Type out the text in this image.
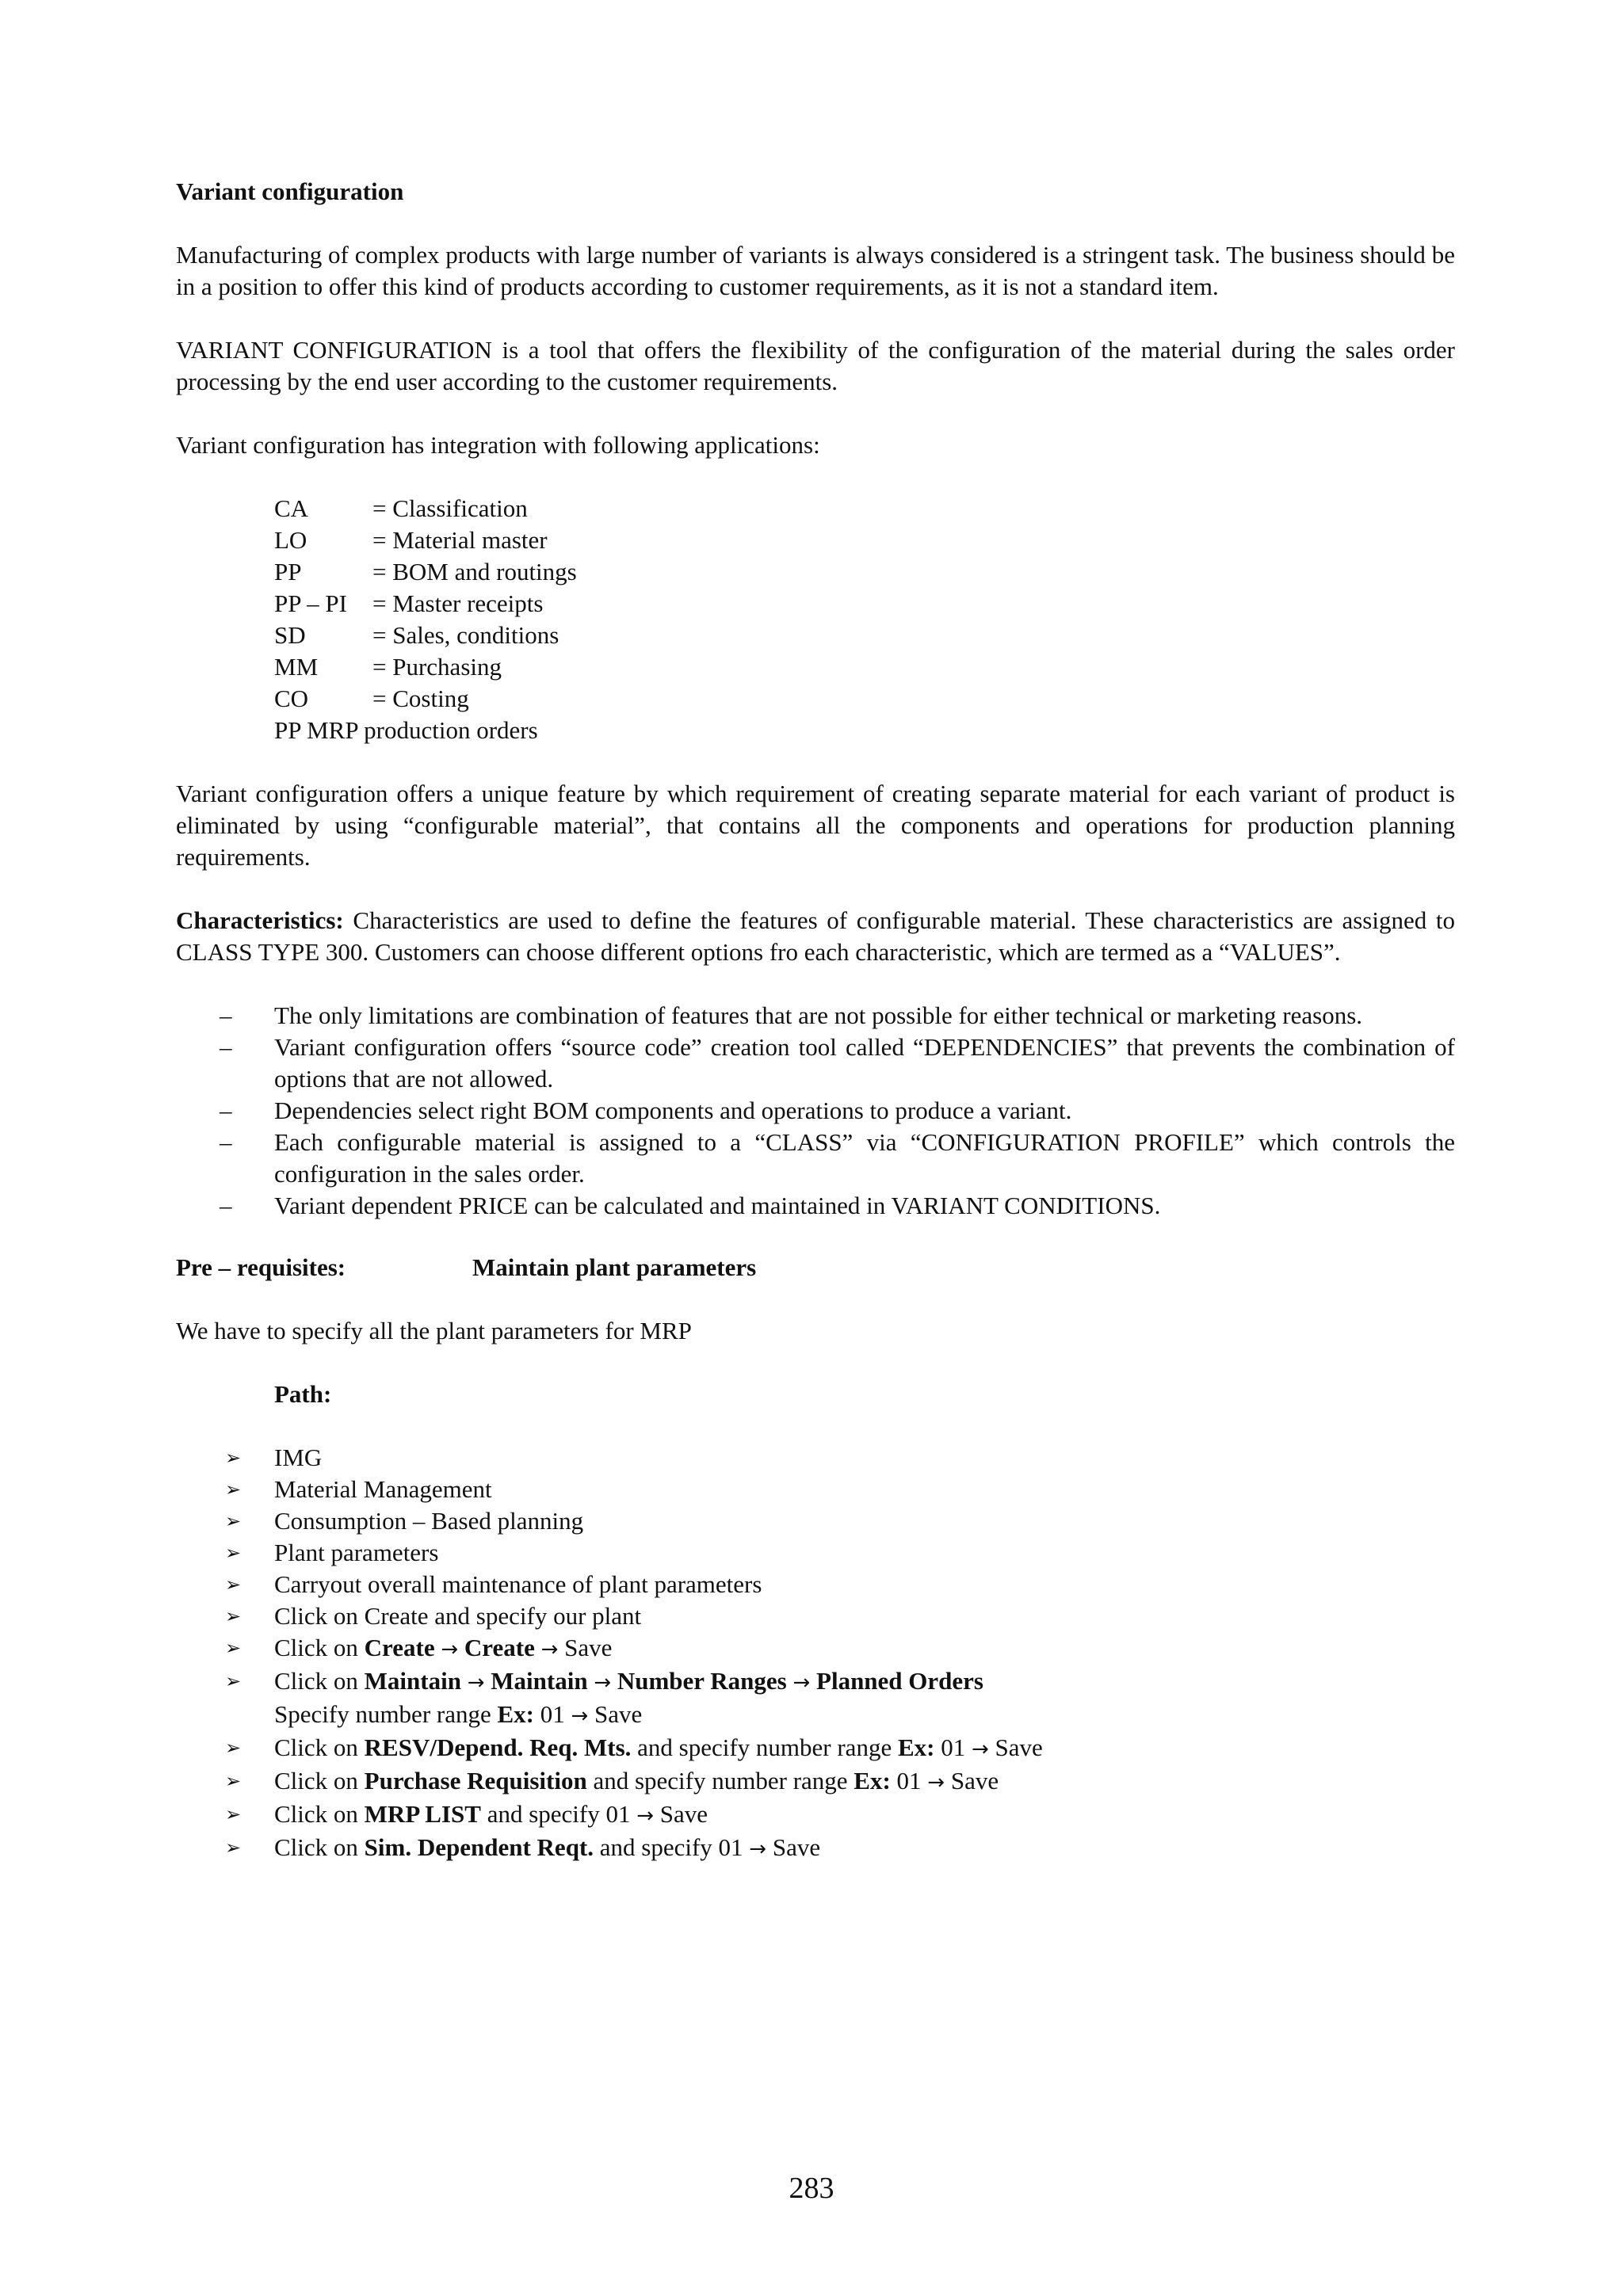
Variant configuration
Manufacturing of complex products with large number of variants is always considered is a stringent task. The business should be in a position to offer this kind of products according to customer requirements, as it is not a standard item.
VARIANT CONFIGURATION is a tool that offers the flexibility of the configuration of the material during the sales order processing by the end user according to the customer requirements.
Variant configuration has integration with following applications:
CA	= Classification
LO	= Material master
PP	= BOM and routings
PP – PI	= Master receipts
SD	= Sales, conditions
MM	= Purchasing
CO	= Costing
PP MRP production orders
Variant configuration offers a unique feature by which requirement of creating separate material for each variant of product is eliminated by using “configurable material”, that contains all the components and operations for production planning requirements.
Characteristics: Characteristics are used to define the features of configurable material. These characteristics are assigned to CLASS TYPE 300. Customers can choose different options fro each characteristic, which are termed as a “VALUES”.
–	The only limitations are combination of features that are not possible for either technical or marketing reasons.
–	Variant configuration offers “source code” creation tool called “DEPENDENCIES” that prevents the combination of options that are not allowed.
–	Dependencies select right BOM components and operations to produce a variant.
–	Each configurable material is assigned to a “CLASS” via “CONFIGURATION PROFILE” which controls the configuration in the sales order.
–	Variant dependent PRICE can be calculated and maintained in VARIANT CONDITIONS.
Pre – requisites:	Maintain plant parameters
We have to specify all the plant parameters for MRP
Path:
➢	IMG
➢	Material Management
➢	Consumption – Based planning
➢	Plant parameters
➢	Carryout overall maintenance of plant parameters
➢	Click on Create and specify our plant
➢	Click on Create → Create → Save
➢	Click on Maintain → Maintain → Number Ranges → Planned Orders
Specify number range Ex: 01 → Save
➢	Click on RESV/Depend. Req. Mts. and specify number range Ex: 01 → Save
➢	Click on Purchase Requisition and specify number range Ex: 01 → Save
➢	Click on MRP LIST and specify 01 → Save
➢	Click on Sim. Dependent Reqt. and specify 01 → Save
283
